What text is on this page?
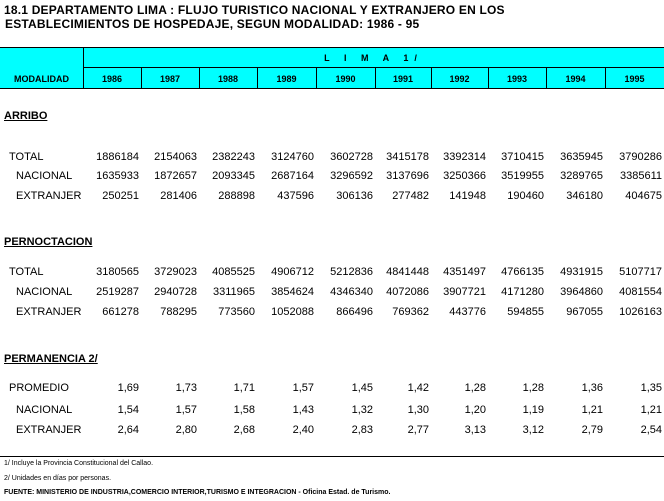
18.1 DEPARTAMENTO LIMA : FLUJO TURISTICO NACIONAL Y EXTRANJERO EN LOS
ESTABLECIMIENTOS DE HOSPEDAJE, SEGUN MODALIDAD: 1986 - 95
L I M A 1/
MODALIDAD	1986	1987	1988	1989	1990	1991	1992	1993	1994	1995
ARRIBO
TOTAL	1886184	2154063	2382243	3124760	3602728	3415178	3392314	3710415	3635945	3790286
NACIONAL	1635933	1872657	2093345	2687164	3296592	3137696	3250366	3519955	3289765	3385611
EXTRANJER	250251	281406	288898	437596	306136	277482	141948	190460	346180	404675
PERNOCTACION
TOTAL	3180565	3729023	4085525	4906712	5212836	4841448	4351497	4766135	4931915	5107717
NACIONAL	2519287	2940728	3311965	3854624	4346340	4072086	3907721	4171280	3964860	4081554
EXTRANJER	661278	788295	773560	1052088	866496	769362	443776	594855	967055	1026163
PERMANENCIA 2/
PROMEDIO	1,69	1,73	1,71	1,57	1,45	1,42	1,28	1,28	1,36	1,35
NACIONAL	1,54	1,57	1,58	1,43	1,32	1,30	1,20	1,19	1,21	1,21
EXTRANJER	2,64	2,80	2,68	2,40	2,83	2,77	3,13	3,12	2,79	2,54
1/ Incluye la Provincia Constitucional del Callao.
2/ Unidades en días por personas.
FUENTE: MINISTERIO DE INDUSTRIA,COMERCIO INTERIOR,TURISMO E INTEGRACION - Oficina Estad. de Turismo.
